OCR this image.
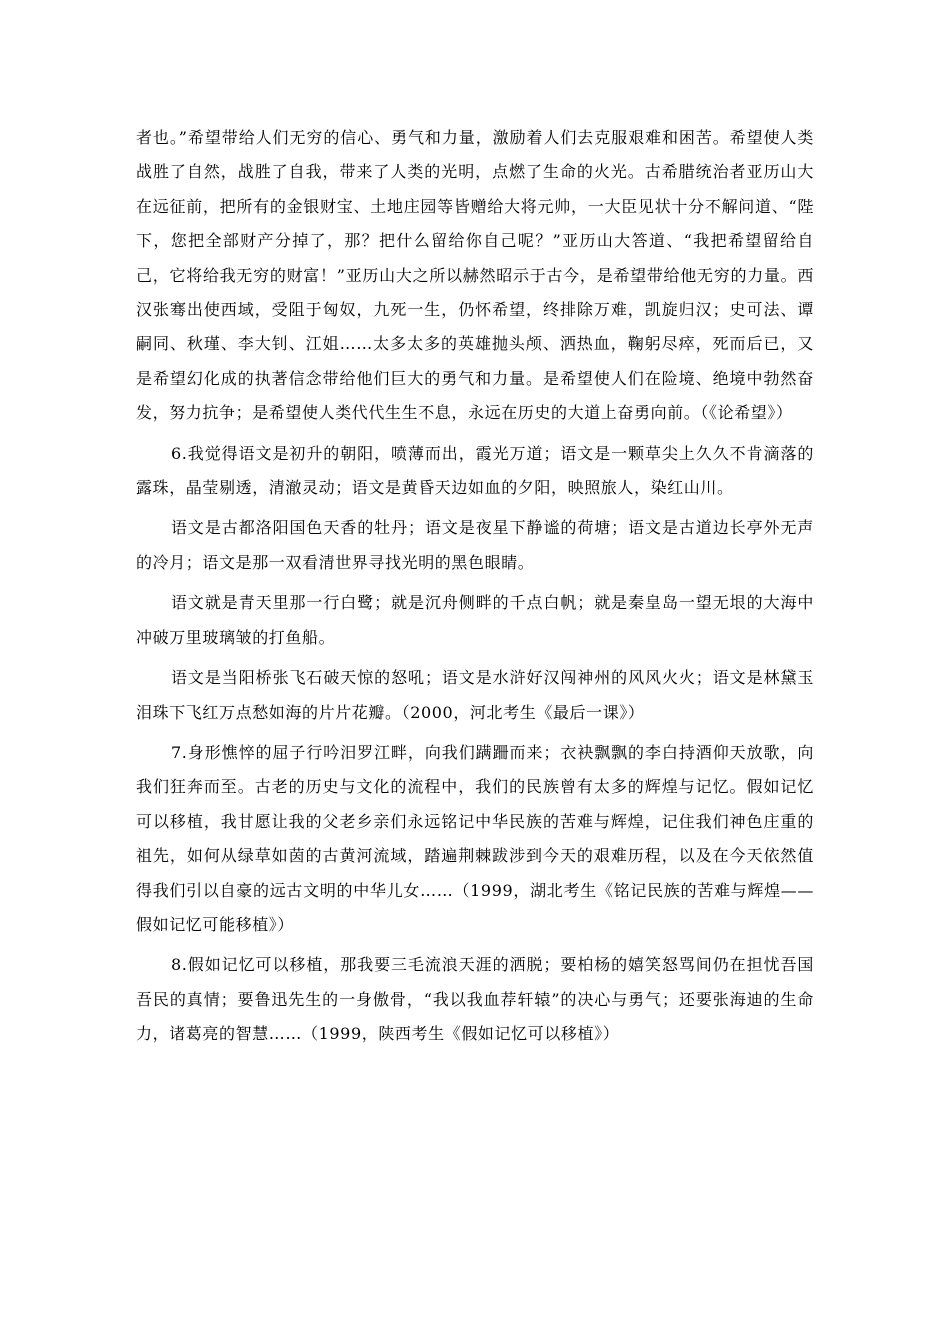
者也。”希望带给人们无穷的信心、勇气和力量，激励着人们去克服艰难和困苦。希望使人类战胜了自然，战胜了自我，带来了人类的光明，点燃了生命的火光。古希腊统治者亚历山大在远征前，把所有的金银财宝、土地庄园等皆赠给大将元帅，一大臣见状十分不解问道、“陛下，您把全部财产分掉了，那？把什么留给你自己呢？”亚历山大答道、“我把希望留给自己，它将给我无穷的财富！”亚历山大之所以赫然昭示于古今，是希望带给他无穷的力量。西汉张骞出使西域，受阻于匈奴，九死一生，仍怀希望，终排除万难，凯旋归汉；史可法、谭嗣同、秋瑾、李大钊、江姐……太多太多的英雄抛头颅、洒热血，鞠躬尽瘁，死而后已，又是希望幻化成的执著信念带给他们巨大的勇气和力量。是希望使人们在险境、绝境中勃然奋发，努力抗争；是希望使人类代代生生不息，永远在历史的大道上奋勇向前。（《论希望》）

6.我觉得语文是初升的朝阳，喷薄而出，霞光万道；语文是一颗草尖上久久不肯滴落的露珠，晶莹剔透，清澈灵动；语文是黄昏天边如血的夕阳，映照旅人，染红山川。

语文是古都洛阳国色天香的牡丹；语文是夜星下静谧的荷塘；语文是古道边长亭外无声的冷月；语文是那一双看清世界寻找光明的黑色眼睛。

语文就是青天里那一行白鹭；就是沉舟侧畔的千点白帆；就是秦皇岛一望无垠的大海中冲破万里玻璃皱的打鱼船。

语文是当阳桥张飞石破天惊的怒吼；语文是水浒好汉闯神州的风风火火；语文是林黛玉泪珠下飞红万点愁如海的片片花瓣。（2000，河北考生《最后一课》）

7.身形憔悴的屈子行吟汨罗江畔，向我们蹒跚而来；衣袂飘飘的李白持酒仰天放歌，向我们狂奔而至。古老的历史与文化的流程中，我们的民族曾有太多的辉煌与记忆。假如记忆可以移植，我甘愿让我的父老乡亲们永远铭记中华民族的苦难与辉煌，记住我们神色庄重的祖先，如何从绿草如茵的古黄河流域，踏遍荆棘跋涉到今天的艰难历程，以及在今天依然值得我们引以自豪的远古文明的中华儿女……（1999，湖北考生《铭记民族的苦难与辉煌——假如记忆可能移植》）

8.假如记忆可以移植，那我要三毛流浪天涯的洒脱；要柏杨的嬉笑怒骂间仍在担忧吾国吾民的真情；要鲁迅先生的一身傲骨，“我以我血荐轩辕”的决心与勇气；还要张海迪的生命力，诸葛亮的智慧……（1999，陕西考生《假如记忆可以移植》）
